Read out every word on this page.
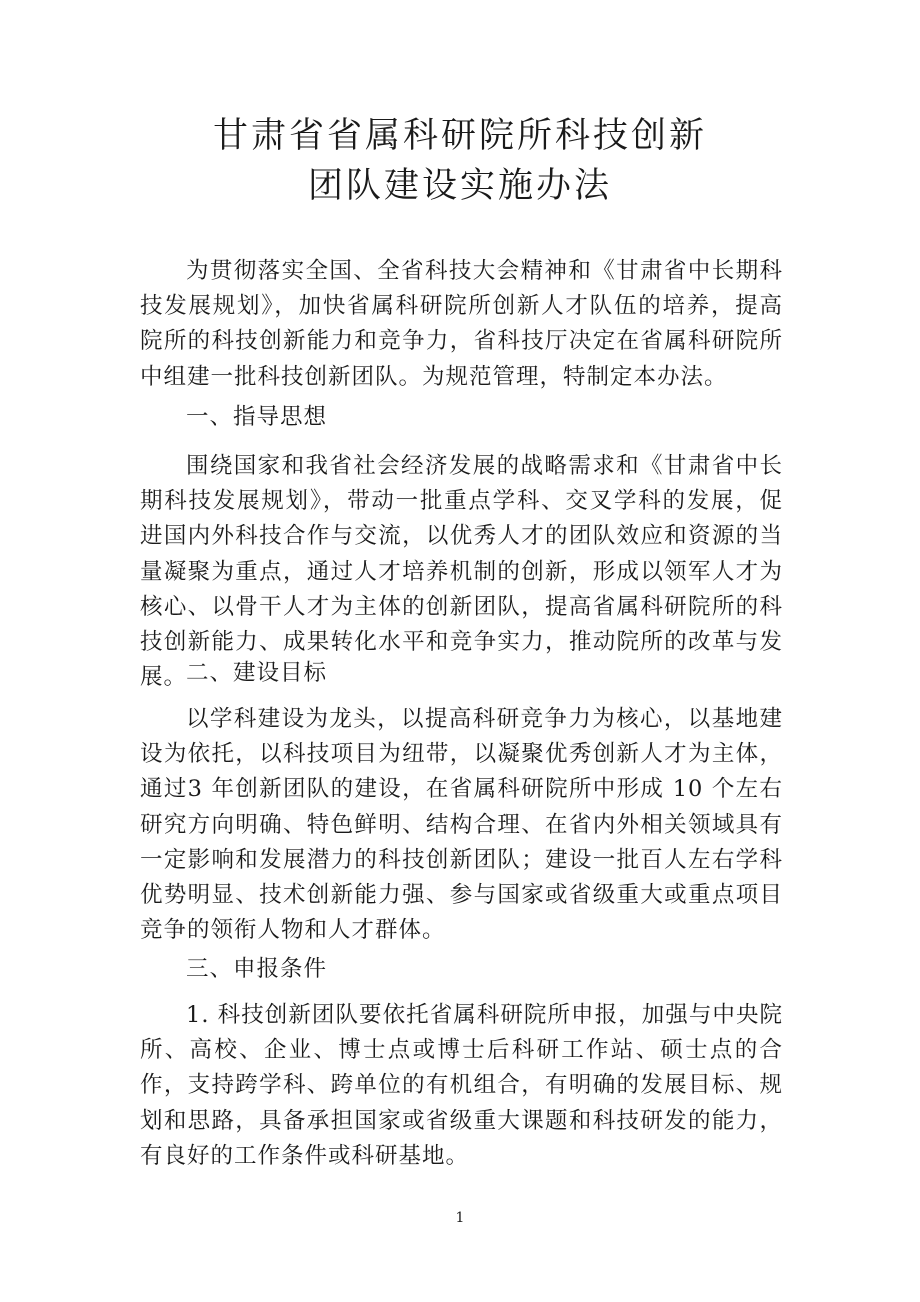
甘肃省省属科研院所科技创新
团队建设实施办法
为贯彻落实全国、全省科技大会精神和《甘肃省中长期科技发展规划》，加快省属科研院所创新人才队伍的培养，提高院所的科技创新能力和竞争力，省科技厅决定在省属科研院所中组建一批科技创新团队。为规范管理，特制定本办法。
一、指导思想
围绕国家和我省社会经济发展的战略需求和《甘肃省中长期科技发展规划》，带动一批重点学科、交叉学科的发展，促进国内外科技合作与交流，以优秀人才的团队效应和资源的当量凝聚为重点，通过人才培养机制的创新，形成以领军人才为核心、以骨干人才为主体的创新团队，提高省属科研院所的科技创新能力、成果转化水平和竞争实力，推动院所的改革与发展。
二、建设目标
以学科建设为龙头，以提高科研竞争力为核心，以基地建设为依托，以科技项目为纽带，以凝聚优秀创新人才为主体，通过3 年创新团队的建设，在省属科研院所中形成 10 个左右研究方向明确、特色鲜明、结构合理、在省内外相关领域具有一定影响和发展潜力的科技创新团队；建设一批百人左右学科优势明显、技术创新能力强、参与国家或省级重大或重点项目竞争的领衔人物和人才群体。
三、申报条件
1. 科技创新团队要依托省属科研院所申报，加强与中央院所、高校、企业、博士点或博士后科研工作站、硕士点的合作，支持跨学科、跨单位的有机组合，有明确的发展目标、规划和思路，具备承担国家或省级重大课题和科技研发的能力，有良好的工作条件或科研基地。
1
